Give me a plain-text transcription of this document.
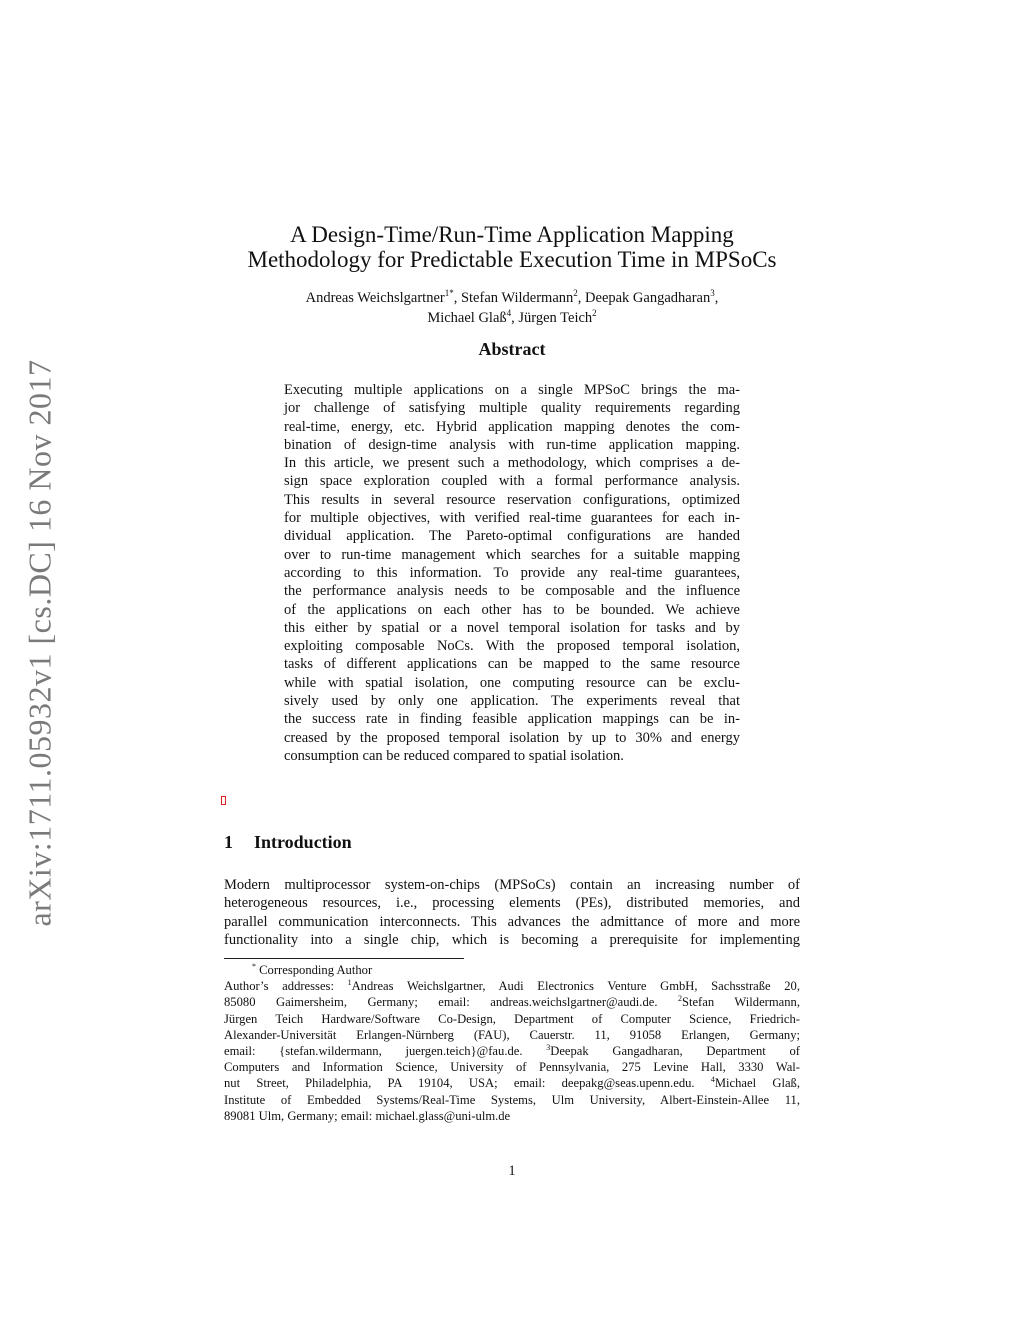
arXiv:1711.05932v1 [cs.DC] 16 Nov 2017
A Design-Time/Run-Time Application Mapping
Methodology for Predictable Execution Time in MPSoCs
Andreas Weichslgartner$^{1*}$, Stefan Wildermann$^2$, Deepak Gangadharan$^3$,
Michael Glaß$^4$, Jürgen Teich$^2$
Abstract
Executing multiple applications on a single MPSoC brings the ma-
jor challenge of satisfying multiple quality requirements regarding
real-time, energy, etc. Hybrid application mapping denotes the com-
bination of design-time analysis with run-time application mapping.
In this article, we present such a methodology, which comprises a de-
sign space exploration coupled with a formal performance analysis.
This results in several resource reservation configurations, optimized
for multiple objectives, with verified real-time guarantees for each in-
dividual application. The Pareto-optimal configurations are handed
over to run-time management which searches for a suitable mapping
according to this information. To provide any real-time guarantees,
the performance analysis needs to be composable and the influence
of the applications on each other has to be bounded. We achieve
this either by spatial or a novel temporal isolation for tasks and by
exploiting composable NoCs. With the proposed temporal isolation,
tasks of different applications can be mapped to the same resource
while with spatial isolation, one computing resource can be exclu-
sively used by only one application. The experiments reveal that
the success rate in finding feasible application mappings can be in-
creased by the proposed temporal isolation by up to 30% and energy
consumption can be reduced compared to spatial isolation.
1 Introduction
Modern multiprocessor system-on-chips (MPSoCs) contain an increasing number of
heterogeneous resources, i.e., processing elements (PEs), distributed memories, and
parallel communication interconnects. This advances the admittance of more and more
functionality into a single chip, which is becoming a prerequisite for implementing
* Corresponding Author
Author’s addresses: $^1$Andreas Weichslgartner, Audi Electronics Venture GmbH, Sachsstraße 20,
85080 Gaimersheim, Germany; email: andreas.weichslgartner@audi.de. $^2$Stefan Wildermann,
Jürgen Teich Hardware/Software Co-Design, Department of Computer Science, Friedrich-
Alexander-Universität Erlangen-Nürnberg (FAU), Cauerstr. 11, 91058 Erlangen, Germany;
email: {stefan.wildermann, juergen.teich}@fau.de. $^3$Deepak Gangadharan, Department of
Computers and Information Science, University of Pennsylvania, 275 Levine Hall, 3330 Wal-
nut Street, Philadelphia, PA 19104, USA; email: deepakg@seas.upenn.edu. $^4$Michael Glaß,
Institute of Embedded Systems/Real-Time Systems, Ulm University, Albert-Einstein-Allee 11,
89081 Ulm, Germany; email: michael.glass@uni-ulm.de
1
